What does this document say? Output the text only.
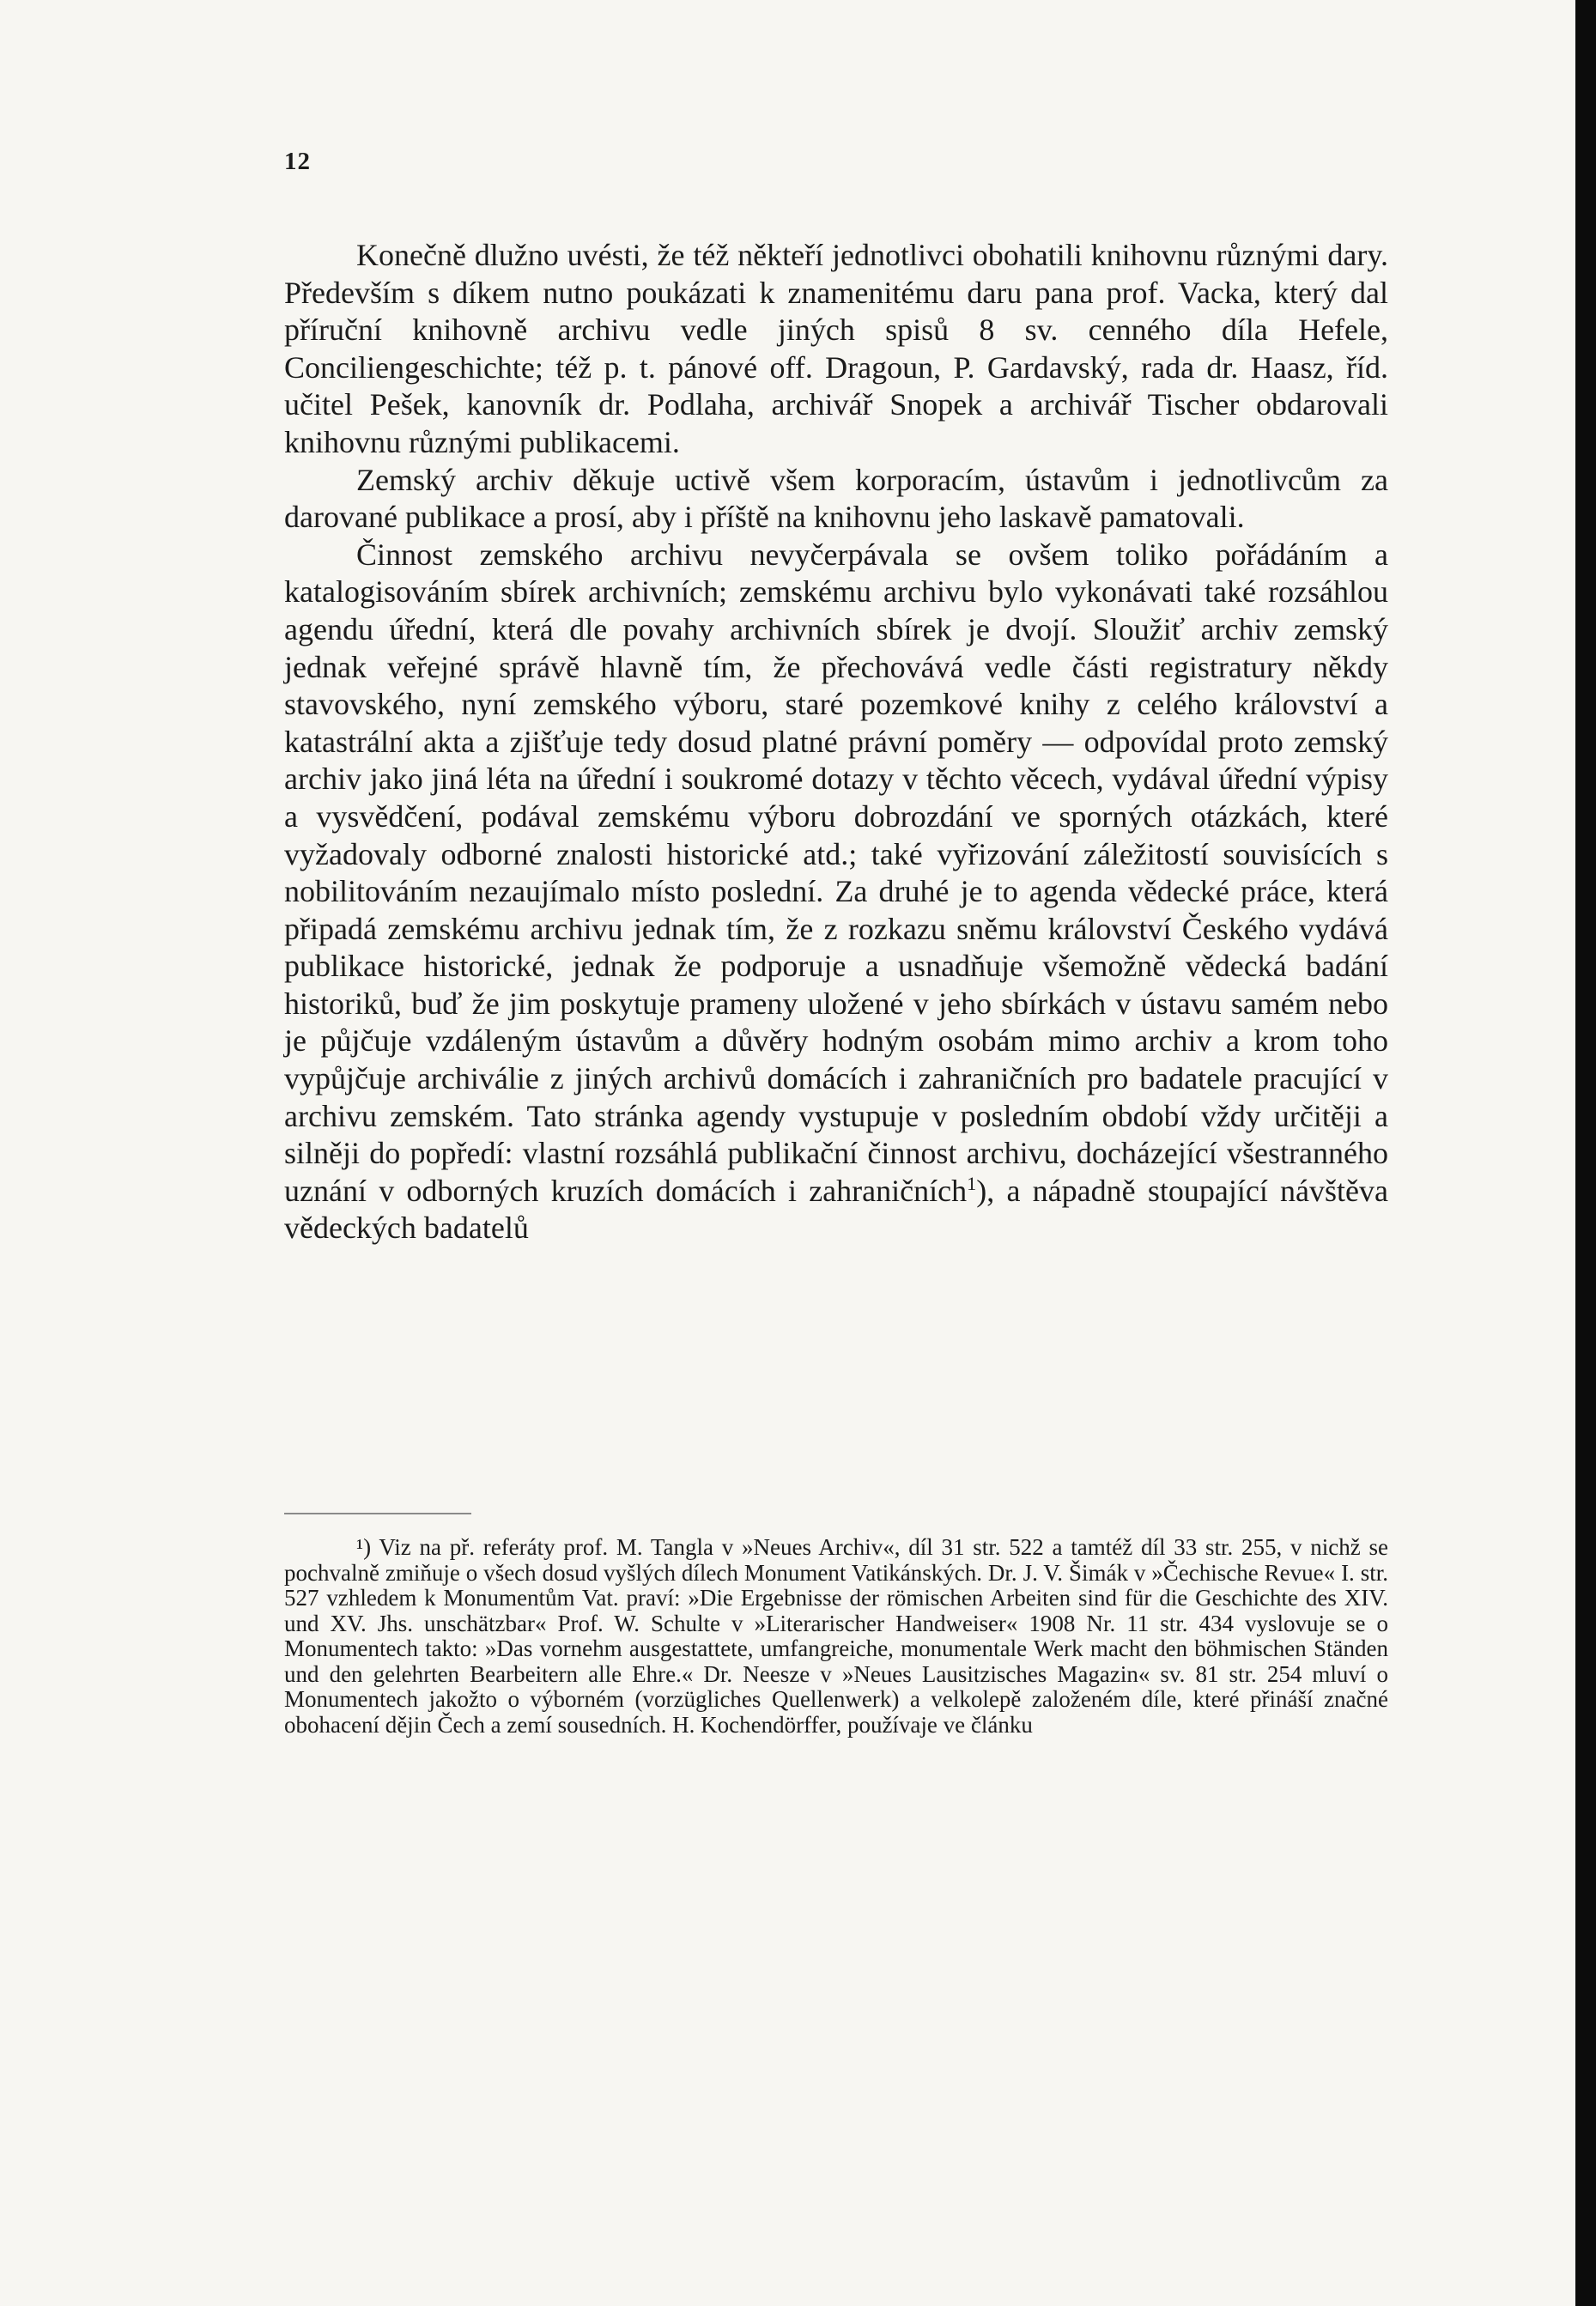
12

Konečně dlužno uvésti, že též někteří jednotlivci obohatili knihovnu různými dary. Především s díkem nutno poukázati k znamenitému daru pana prof. Vacka, který dal příruční knihovně archivu vedle jiných spisů 8 sv. cenného díla Hefele, Conciliengeschichte; též p. t. pánové off. Dragoun, P. Gardavský, rada dr. Haasz, říd. učitel Pešek, kanovník dr. Podlaha, archivář Snopek a archivář Tischer obdarovali knihovnu různými publikacemi.

Zemský archiv děkuje uctivě všem korporacím, ústavům i jednotlivcům za darované publikace a prosí, aby i příště na knihovnu jeho laskavě pamatovali.

Činnost zemského archivu nevyčerpávala se ovšem toliko pořádáním a katalogisováním sbírek archivních; zemskému archivu bylo vykonávati také rozsáhlou agendu úřední, která dle povahy archivních sbírek je dvojí. Sloužiť archiv zemský jednak veřejné správě hlavně tím, že přechovává vedle části registratury někdy stavovského, nyní zemského výboru, staré pozemkové knihy z celého království a katastrální akta a zjišťuje tedy dosud platné právní poměry — odpovídal proto zemský archiv jako jiná léta na úřední i soukromé dotazy v těchto věcech, vydával úřední výpisy a vysvědčení, podával zemskému výboru dobrozdání ve sporných otázkách, které vyžadovaly odborné znalosti historické atd.; také vyřizování záležitostí souvisících s nobilitováním nezaujímalo místo poslední. Za druhé je to agenda vědecké práce, která připadá zemskému archivu jednak tím, že z rozkazu sněmu království Českého vydává publikace historické, jednak že podporuje a usnadňuje všemožně vědecká badání historiků, buď že jim poskytuje prameny uložené v jeho sbírkách v ústavu samém nebo je půjčuje vzdáleným ústavům a důvěry hodným osobám mimo archiv a krom toho vypůjčuje archiválie z jiných archivů domácích i zahraničních pro badatele pracující v archivu zemském. Tato stránka agendy vystupuje v posledním období vždy určitěji a silněji do popředí: vlastní rozsáhlá publikační činnost archivu, docházející všestranného uznání v odborných kruzích domácích i zahraničních$^1$), a nápadně stoupající návštěva vědeckých badatelů

¹) Viz na př. referáty prof. M. Tangla v »Neues Archiv«, díl 31 str. 522 a tamtéž díl 33 str. 255, v nichž se pochvalně zmiňuje o všech dosud vyšlých dílech Monument Vatikánských. Dr. J. V. Šimák v »Čechische Revue« I. str. 527 vzhledem k Monumentům Vat. praví: »Die Ergebnisse der römischen Arbeiten sind für die Geschichte des XIV. und XV. Jhs. unschätzbar« Prof. W. Schulte v »Literarischer Handweiser« 1908 Nr. 11 str. 434 vyslovuje se o Monumentech takto: »Das vornehm ausgestattete, umfangreiche, monumentale Werk macht den böhmischen Ständen und den gelehrten Bearbeitern alle Ehre.« Dr. Neesze v »Neues Lausitzisches Magazin« sv. 81 str. 254 mluví o Monumentech jakožto o výborném (vorzügliches Quellenwerk) a velkolepě založeném díle, které přináší značné obohacení dějin Čech a zemí sousedních. H. Kochendörffer, používaje ve článku
